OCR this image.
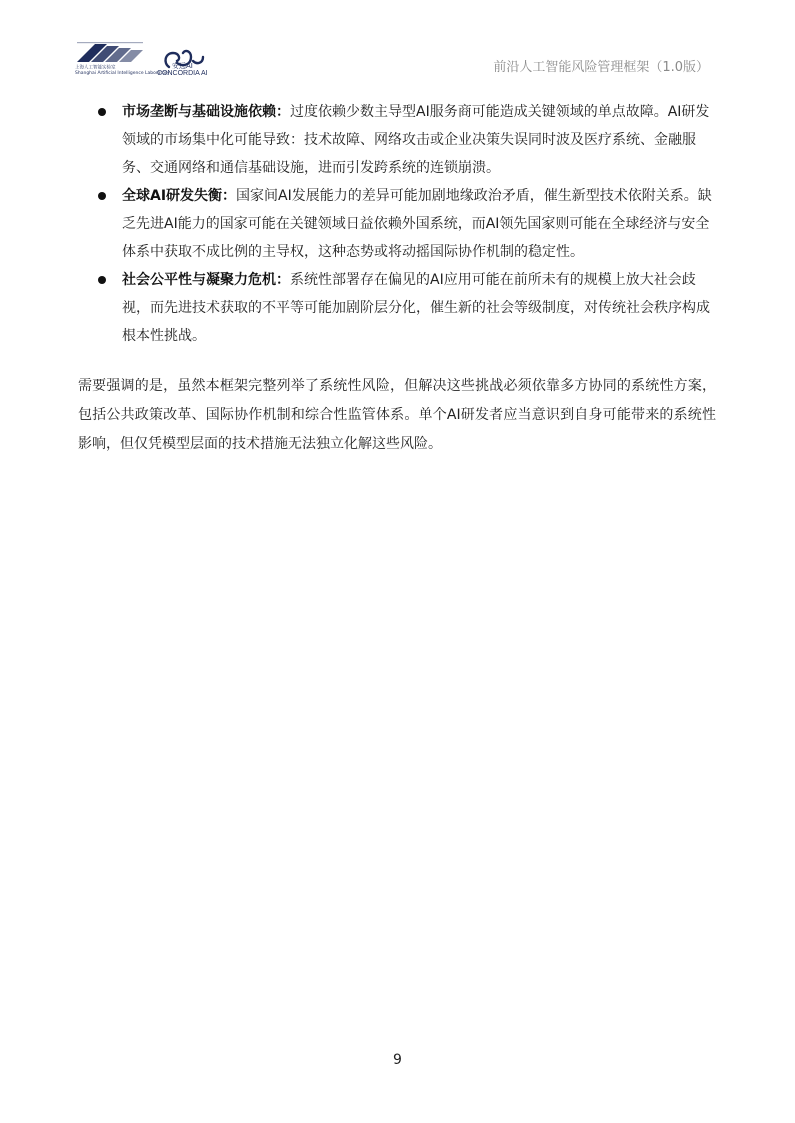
上海人工智能实验室
Shanghai Artificial Intelligence Laboratory
安远AI
CONCORDIA AI	前沿人工智能风险管理框架（1.0版）
市场垄断与基础设施依赖：过度依赖少数主导型AI服务商可能造成关键领域的单点故障。AI研发领域的市场集中化可能导致：技术故障、网络攻击或企业决策失误同时波及医疗系统、金融服务、交通网络和通信基础设施，进而引发跨系统的连锁崩溃。
全球AI研发失衡：国家间AI发展能力的差异可能加剧地缘政治矛盾，催生新型技术依附关系。缺乏先进AI能力的国家可能在关键领域日益依赖外国系统，而AI领先国家则可能在全球经济与安全体系中获取不成比例的主导权，这种态势或将动摇国际协作机制的稳定性。
社会公平性与凝聚力危机：系统性部署存在偏见的AI应用可能在前所未有的规模上放大社会歧视，而先进技术获取的不平等可能加剧阶层分化，催生新的社会等级制度，对传统社会秩序构成根本性挑战。

需要强调的是，虽然本框架完整列举了系统性风险，但解决这些挑战必须依靠多方协同的系统性方案，包括公共政策改革、国际协作机制和综合性监管体系。单个AI研发者应当意识到自身可能带来的系统性影响，但仅凭模型层面的技术措施无法独立化解这些风险。

9
